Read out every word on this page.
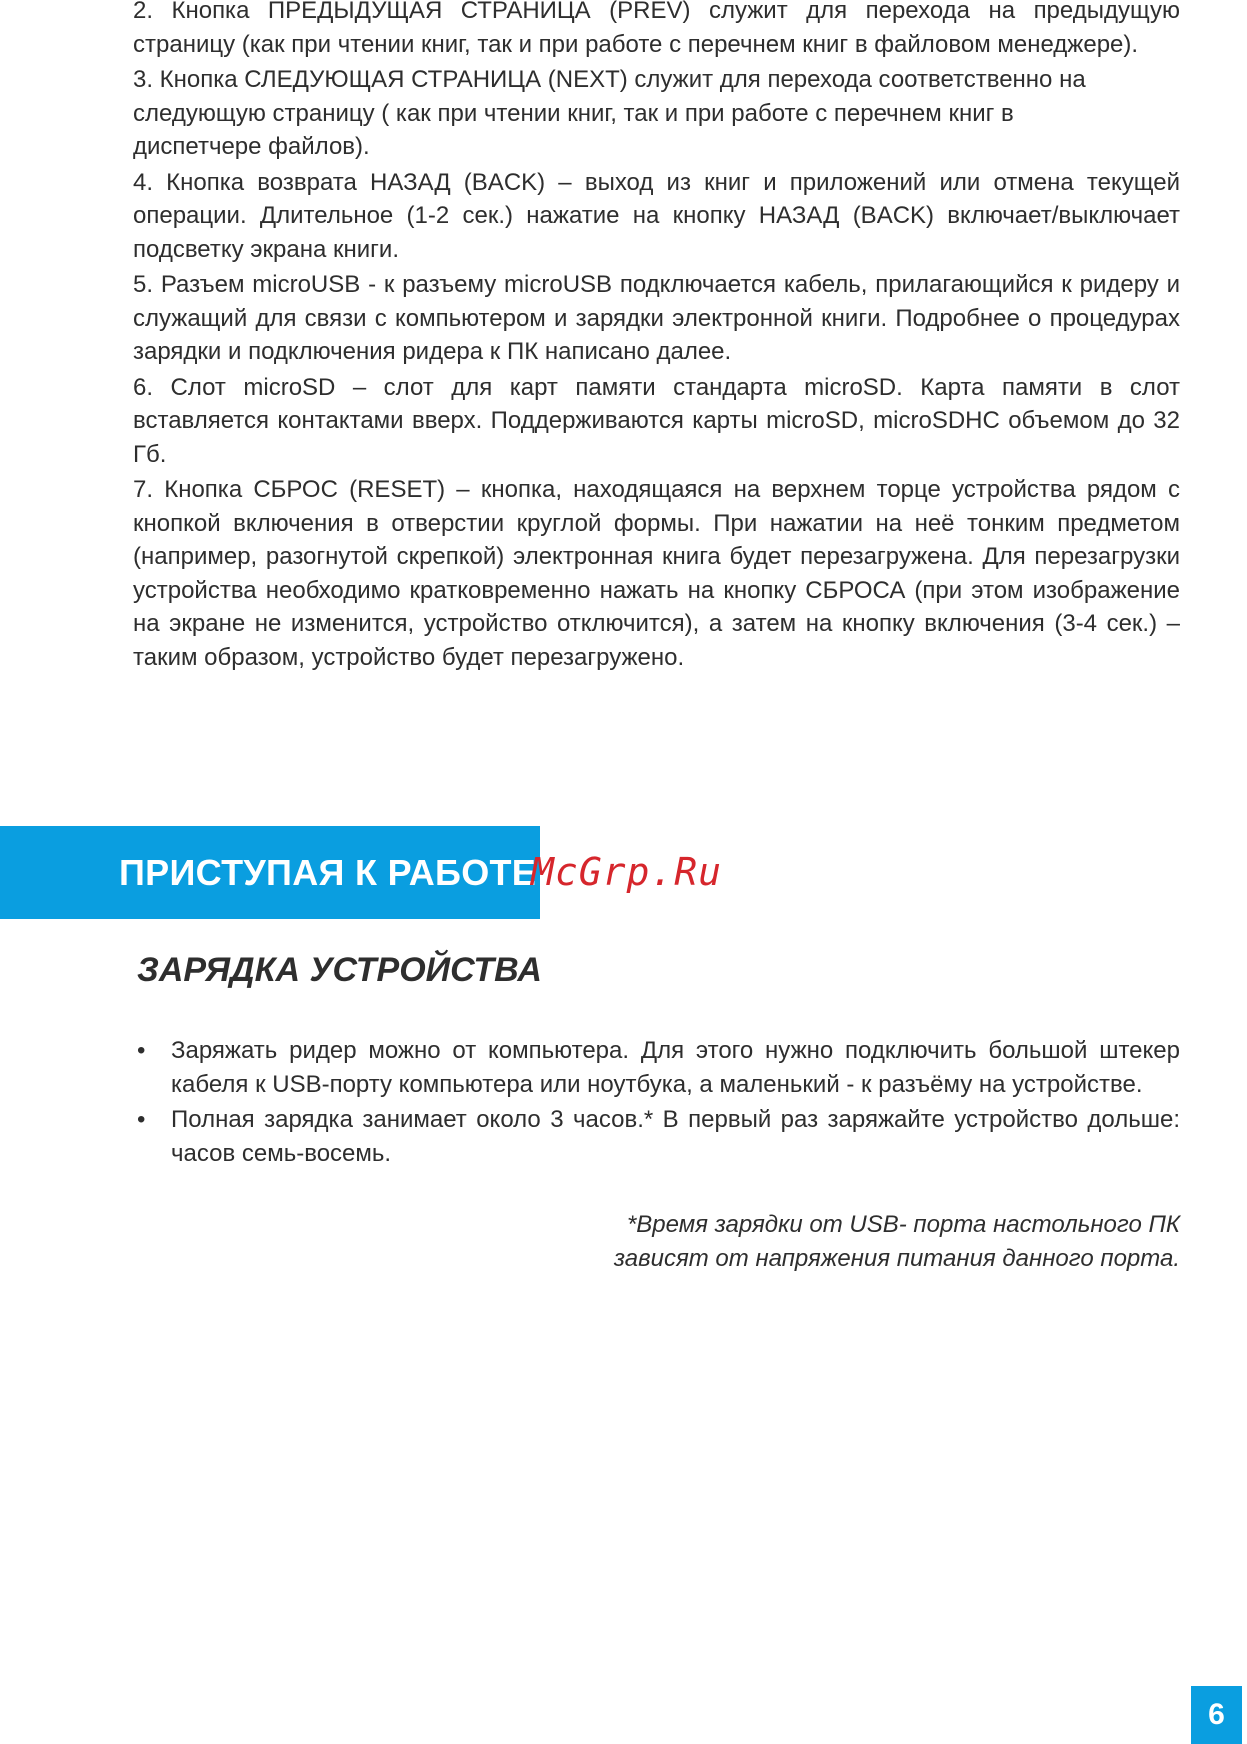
2. Кнопка ПРЕДЫДУЩАЯ СТРАНИЦА (PREV) служит для перехода на предыдущую страницу (как при чтении книг, так и при работе с перечнем книг в файловом менеджере).

3. Кнопка СЛЕДУЮЩАЯ СТРАНИЦА (NEXT) служит для перехода соответственно на следующую страницу ( как при чтении книг, так и при работе с перечнем книг в диспетчере файлов).

4. Кнопка возврата НАЗАД (BACK) – выход из книг и приложений или отмена текущей операции. Длительное (1-2 сек.) нажатие на кнопку НАЗАД (BACK) включает/выключает подсветку экрана книги.

5. Разъем microUSB - к разъему microUSB подключается кабель, прилагающийся к ридеру и служащий для связи с компьютером и зарядки электронной книги. Подробнее о процедурах зарядки и подключения ридера к ПК написано далее.

6. Слот microSD – слот для карт памяти стандарта microSD. Карта памяти в слот вставляется контактами вверх. Поддерживаются карты microSD, microSDHC объемом до 32 Гб.

7. Кнопка СБРОС (RESET) – кнопка, находящаяся на верхнем торце устройства рядом с кнопкой включения в отверстии круглой формы. При нажатии на неё тонким предметом (например, разогнутой скрепкой) электронная книга будет перезагружена. Для перезагрузки устройства необходимо кратковременно нажать на кнопку СБРОСА (при этом изображение на экране не изменится, устройство отключится), а затем на кнопку включения (3-4 сек.) – таким образом, устройство будет перезагружено.

ПРИСТУПАЯ К РАБОТЕ
McGrp.Ru
ЗАРЯДКА УСТРОЙСТВА
• Заряжать ридер можно от компьютера. Для этого нужно подключить большой штекер кабеля к USB-порту компьютера или ноутбука, а маленький - к разъёму на устройстве.
• Полная зарядка занимает около 3 часов.* В первый раз заряжайте устройство дольше: часов семь-восемь.
*Время зарядки от USB- порта настольного ПК
зависят от напряжения питания данного порта.
6
